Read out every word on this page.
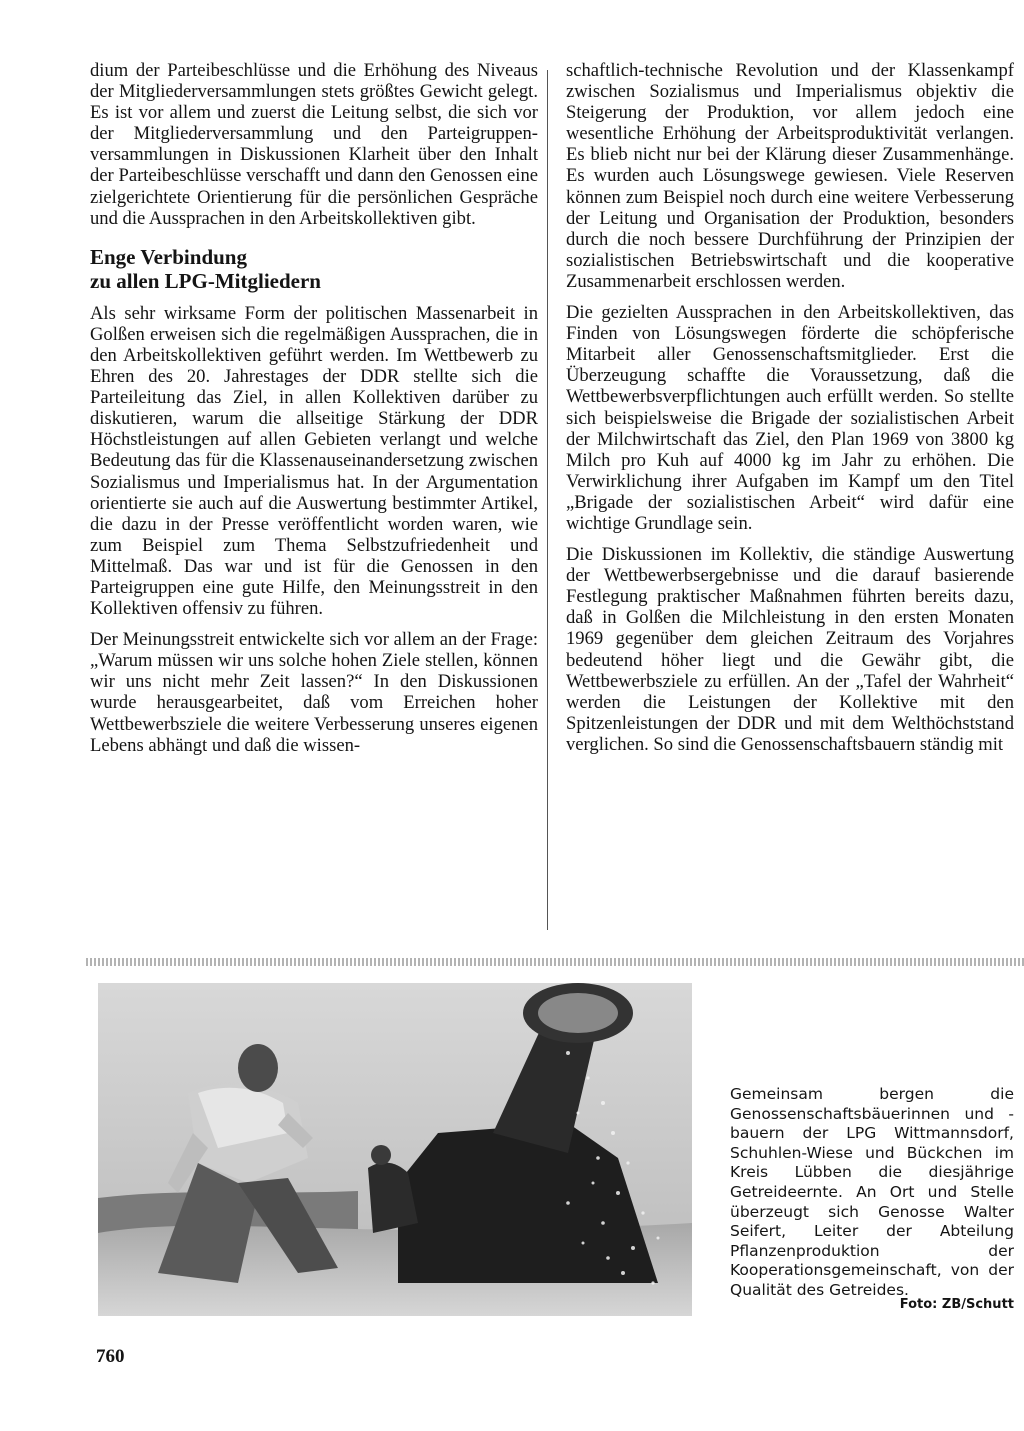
dium der Parteibeschlüsse und die Erhöhung des Niveaus der Mitgliederversammlungen stets größtes Gewicht gelegt. Es ist vor allem und zuerst die Leitung selbst, die sich vor der Mitgliederversammlung und den Parteigruppen-versammlungen in Diskussionen Klarheit über den Inhalt der Parteibeschlüsse verschafft und dann den Genossen eine zielgerichtete Orientierung für die persönlichen Gespräche und die Aussprachen in den Arbeitskollektiven gibt.

Enge Verbindung
zu allen LPG-Mitgliedern

Als sehr wirksame Form der politischen Massenarbeit in Golßen erweisen sich die regelmäßigen Aussprachen, die in den Arbeitskollektiven geführt werden. Im Wettbewerb zu Ehren des 20. Jahrestages der DDR stellte sich die Parteileitung das Ziel, in allen Kollektiven darüber zu diskutieren, warum die allseitige Stärkung der DDR Höchstleistungen auf allen Gebieten verlangt und welche Bedeutung das für die Klassenauseinandersetzung zwischen Sozialismus und Imperialismus hat. In der Argumentation orientierte sie auch auf die Auswertung bestimmter Artikel, die dazu in der Presse veröffentlicht worden waren, wie zum Beispiel zum Thema Selbstzufriedenheit und Mittelmaß. Das war und ist für die Genossen in den Parteigruppen eine gute Hilfe, den Meinungsstreit in den Kollektiven offensiv zu führen.

Der Meinungsstreit entwickelte sich vor allem an der Frage: „Warum müssen wir uns solche hohen Ziele stellen, können wir uns nicht mehr Zeit lassen?“ In den Diskussionen wurde herausgearbeitet, daß vom Erreichen hoher Wettbewerbsziele die weitere Verbesserung unseres eigenen Lebens abhängt und daß die wissen-

schaftlich-technische Revolution und der Klassenkampf zwischen Sozialismus und Imperialismus objektiv die Steigerung der Produktion, vor allem jedoch eine wesentliche Erhöhung der Arbeitsproduktivität verlangen. Es blieb nicht nur bei der Klärung dieser Zusammenhänge. Es wurden auch Lösungswege gewiesen. Viele Reserven können zum Beispiel noch durch eine weitere Verbesserung der Leitung und Organisation der Produktion, besonders durch die noch bessere Durchführung der Prinzipien der sozialistischen Betriebswirtschaft und die kooperative Zusammenarbeit erschlossen werden.

Die gezielten Aussprachen in den Arbeitskollektiven, das Finden von Lösungswegen förderte die schöpferische Mitarbeit aller Genossenschaftsmitglieder. Erst die Überzeugung schaffte die Voraussetzung, daß die Wettbewerbsverpflichtungen auch erfüllt werden. So stellte sich beispielsweise die Brigade der sozialistischen Arbeit der Milchwirtschaft das Ziel, den Plan 1969 von 3800 kg Milch pro Kuh auf 4000 kg im Jahr zu erhöhen. Die Verwirklichung ihrer Aufgaben im Kampf um den Titel „Brigade der sozialistischen Arbeit“ wird dafür eine wichtige Grundlage sein.

Die Diskussionen im Kollektiv, die ständige Auswertung der Wettbewerbsergebnisse und die darauf basierende Festlegung praktischer Maßnahmen führten bereits dazu, daß in Golßen die Milchleistung in den ersten Monaten 1969 gegenüber dem gleichen Zeitraum des Vorjahres bedeutend höher liegt und die Gewähr gibt, die Wettbewerbsziele zu erfüllen. An der „Tafel der Wahrheit“ werden die Leistungen der Kollektive mit den Spitzenleistungen der DDR und mit dem Welthöchststand verglichen. So sind die Genossenschaftsbauern ständig mit

Gemeinsam bergen die Genossenschaftsbäuerinnen und -bauern der LPG Wittmannsdorf, Schuhlen-Wiese und Bückchen im Kreis Lübben die diesjährige Getreideernte. An Ort und Stelle überzeugt sich Genosse Walter Seifert, Leiter der Abteilung Pflanzenproduktion der Kooperationsgemeinschaft, von der Qualität des Getreides.
Foto: ZB/Schutt
760
